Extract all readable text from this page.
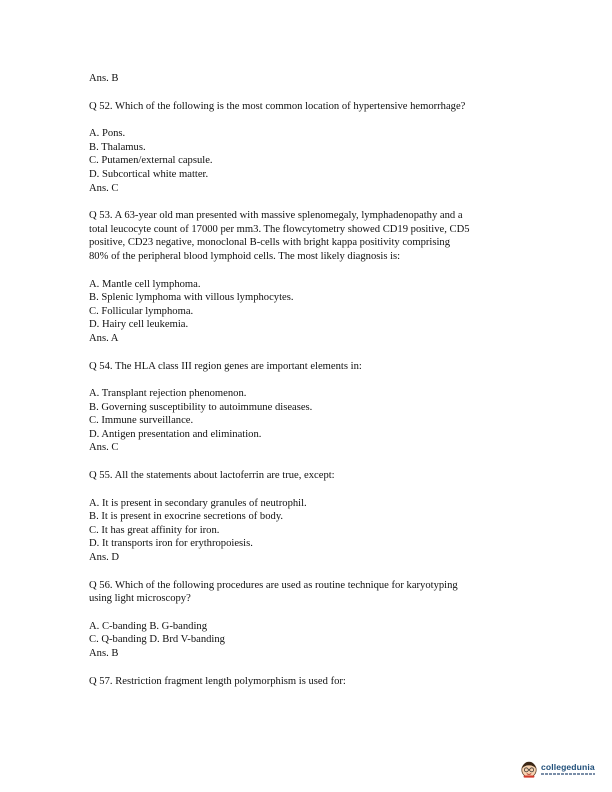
Ans. B

Q 52. Which of the following is the most common location of hypertensive hemorrhage?

A. Pons.

B. Thalamus.

C. Putamen/external capsule.

D. Subcortical white matter.

Ans. C

Q 53. A 63-year old man presented with massive splenomegaly, lymphadenopathy and a

total leucocyte count of 17000 per mm3. The flowcytometry showed CD19 positive, CD5

positive, CD23 negative, monoclonal B-cells with bright kappa positivity comprising

80% of the peripheral blood lymphoid cells. The most likely diagnosis is:

A. Mantle cell lymphoma.

B. Splenic lymphoma with villous lymphocytes.

C. Follicular lymphoma.

D. Hairy cell leukemia.

Ans. A

Q 54. The HLA class III region genes are important elements in:

A. Transplant rejection phenomenon.

B. Governing susceptibility to autoimmune diseases.

C. Immune surveillance.

D. Antigen presentation and elimination.

Ans. C

Q 55. All the statements about lactoferrin are true, except:

A. It is present in secondary granules of neutrophil.

B. It is present in exocrine secretions of body.

C. It has great affinity for iron.

D. It transports iron for erythropoiesis.

Ans. D

Q 56. Which of the following procedures are used as routine technique for karyotyping

using light microscopy?

A. C-banding B. G-banding

C. Q-banding D. Brd V-banding

Ans. B

Q 57. Restriction fragment length polymorphism is used for:

collegedunia
